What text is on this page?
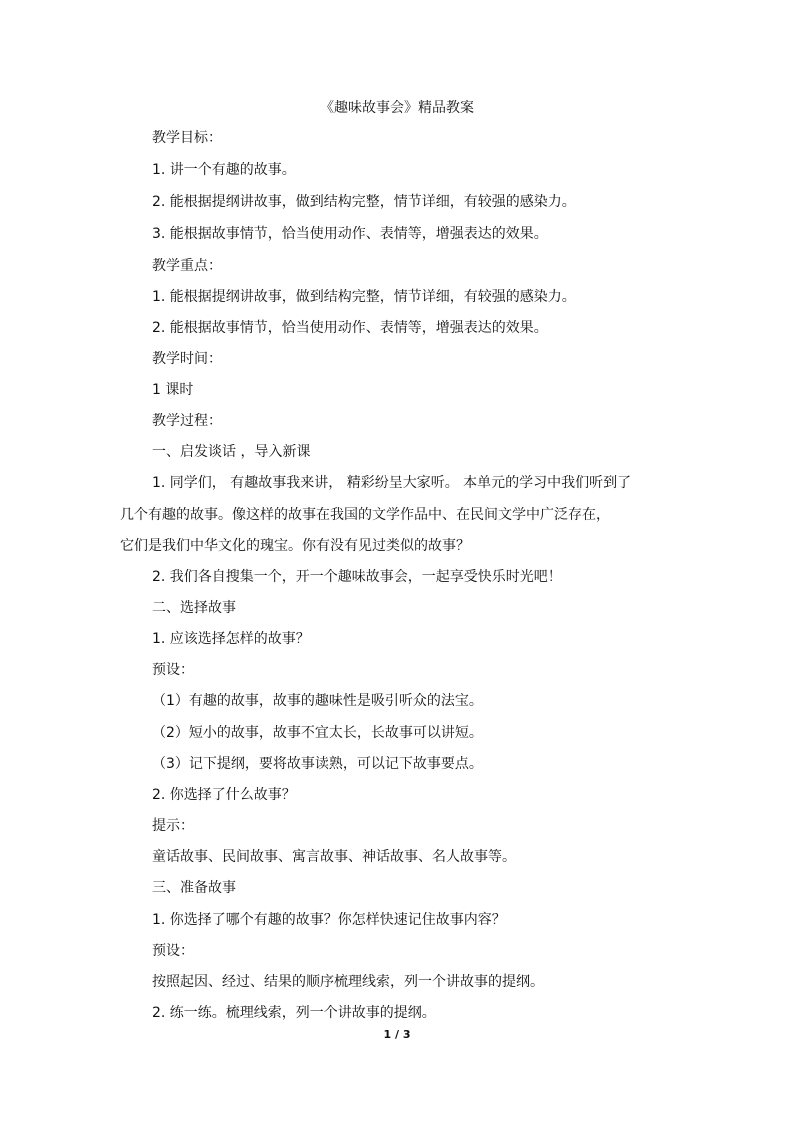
《趣味故事会》精品教案
教学目标：
1. 讲一个有趣的故事。
2. 能根据提纲讲故事，做到结构完整，情节详细，有较强的感染力。
3. 能根据故事情节，恰当使用动作、表情等，增强表达的效果。
教学重点：
1. 能根据提纲讲故事，做到结构完整，情节详细，有较强的感染力。
2. 能根据故事情节，恰当使用动作、表情等，增强表达的效果。
教学时间：
1 课时
教学过程：
一、启发谈话 ，导入新课
1. 同学们， 有趣故事我来讲， 精彩纷呈大家听。 本单元的学习中我们听到了
几个有趣的故事。像这样的故事在我国的文学作品中、在民间文学中广泛存在，
它们是我们中华文化的瑰宝。你有没有见过类似的故事？
2. 我们各自搜集一个，开一个趣味故事会，一起享受快乐时光吧！
二、选择故事
1. 应该选择怎样的故事？
预设：
（1）有趣的故事，故事的趣味性是吸引听众的法宝。
（2）短小的故事，故事不宜太长，长故事可以讲短。
（3）记下提纲，要将故事读熟，可以记下故事要点。
2. 你选择了什么故事？
提示：
童话故事、民间故事、寓言故事、神话故事、名人故事等。
三、准备故事
1. 你选择了哪个有趣的故事？你怎样快速记住故事内容？
预设：
按照起因、经过、结果的顺序梳理线索，列一个讲故事的提纲。
2. 练一练。梳理线索，列一个讲故事的提纲。
1 / 3
